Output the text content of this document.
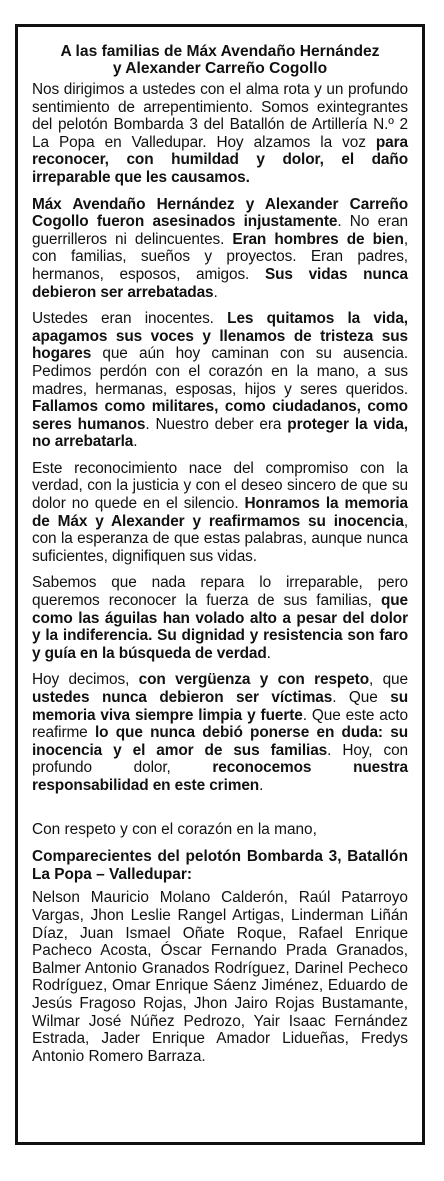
A las familias de Máx Avendaño Hernández
y Alexander Carreño Cogollo

Nos dirigimos a ustedes con el alma rota y un profundo sentimiento de arrepentimiento. Somos exintegrantes del pelotón Bombarda 3 del Batallón de Artillería N.º 2 La Popa en Valledupar. Hoy alzamos la voz para reconocer, con humildad y dolor, el daño irreparable que les causamos.

Máx Avendaño Hernández y Alexander Carreño Cogollo fueron asesinados injustamente. No eran guerrilleros ni delincuentes. Eran hombres de bien, con familias, sueños y proyectos. Eran padres, hermanos, esposos, amigos. Sus vidas nunca debieron ser arrebatadas.

Ustedes eran inocentes. Les quitamos la vida, apagamos sus voces y llenamos de tristeza sus hogares que aún hoy caminan con su ausencia. Pedimos perdón con el corazón en la mano, a sus madres, hermanas, esposas, hijos y seres queridos. Fallamos como militares, como ciudadanos, como seres humanos. Nuestro deber era proteger la vida, no arrebatarla.

Este reconocimiento nace del compromiso con la verdad, con la justicia y con el deseo sincero de que su dolor no quede en el silencio. Honramos la memoria de Máx y Alexander y reafirmamos su inocencia, con la esperanza de que estas palabras, aunque nunca suficientes, dignifiquen sus vidas.

Sabemos que nada repara lo irreparable, pero queremos reconocer la fuerza de sus familias, que como las águilas han volado alto a pesar del dolor y la indiferencia. Su dignidad y resistencia son faro y guía en la búsqueda de verdad.

Hoy decimos, con vergüenza y con respeto, que ustedes nunca debieron ser víctimas. Que su memoria viva siempre limpia y fuerte. Que este acto reafirme lo que nunca debió ponerse en duda: su inocencia y el amor de sus familias. Hoy, con profundo dolor, reconocemos nuestra responsabilidad en este crimen.

Con respeto y con el corazón en la mano,
Comparecientes del pelotón Bombarda 3, Batallón La Popa – Valledupar:
Nelson Mauricio Molano Calderón, Raúl Patarroyo Vargas, Jhon Leslie Rangel Artigas, Linderman Liñán Díaz, Juan Ismael Oñate Roque, Rafael Enrique Pacheco Acosta, Óscar Fernando Prada Granados, Balmer Antonio Granados Rodríguez, Darinel Pecheco Rodríguez, Omar Enrique Sáenz Jiménez, Eduardo de Jesús Fragoso Rojas, Jhon Jairo Rojas Bustamante, Wilmar José Núñez Pedrozo, Yair Isaac Fernández Estrada, Jader Enrique Amador Lidueñas, Fredys Antonio Romero Barraza.
